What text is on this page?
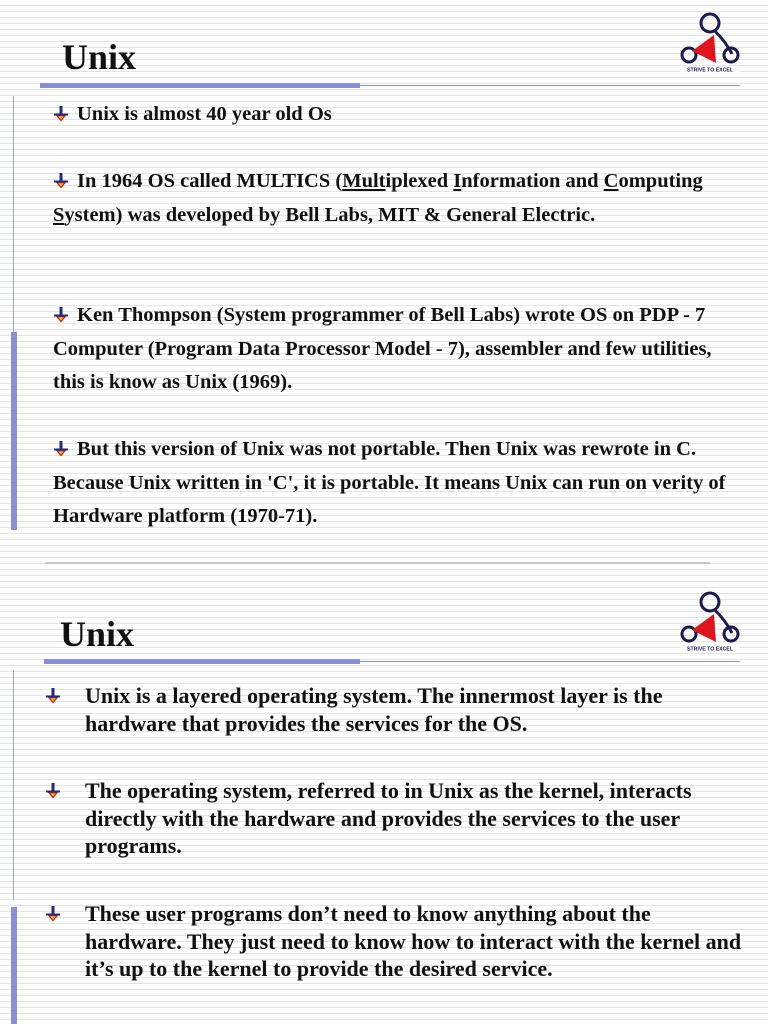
Unix	STRIVE TO EXCEL

Unix is almost 40 year old Os

In 1964 OS called MULTICS (Multiplexed Information and Computing System) was developed by Bell Labs, MIT & General Electric.

Ken Thompson (System programmer of Bell Labs) wrote OS on PDP - 7 Computer (Program Data Processor Model - 7), assembler and few utilities, this is know as Unix (1969).

But this version of Unix was not portable. Then Unix was rewrote in C. Because Unix written in 'C', it is portable. It means Unix can run on verity of Hardware platform (1970-71).

Unix	STRIVE TO EXCEL

Unix is a layered operating system. The innermost layer is the hardware that provides the services for the OS.

The operating system, referred to in Unix as the kernel, interacts directly with the hardware and provides the services to the user programs.

These user programs don’t need to know anything about the hardware. They just need to know how to interact with the kernel and it’s up to the kernel to provide the desired service.
